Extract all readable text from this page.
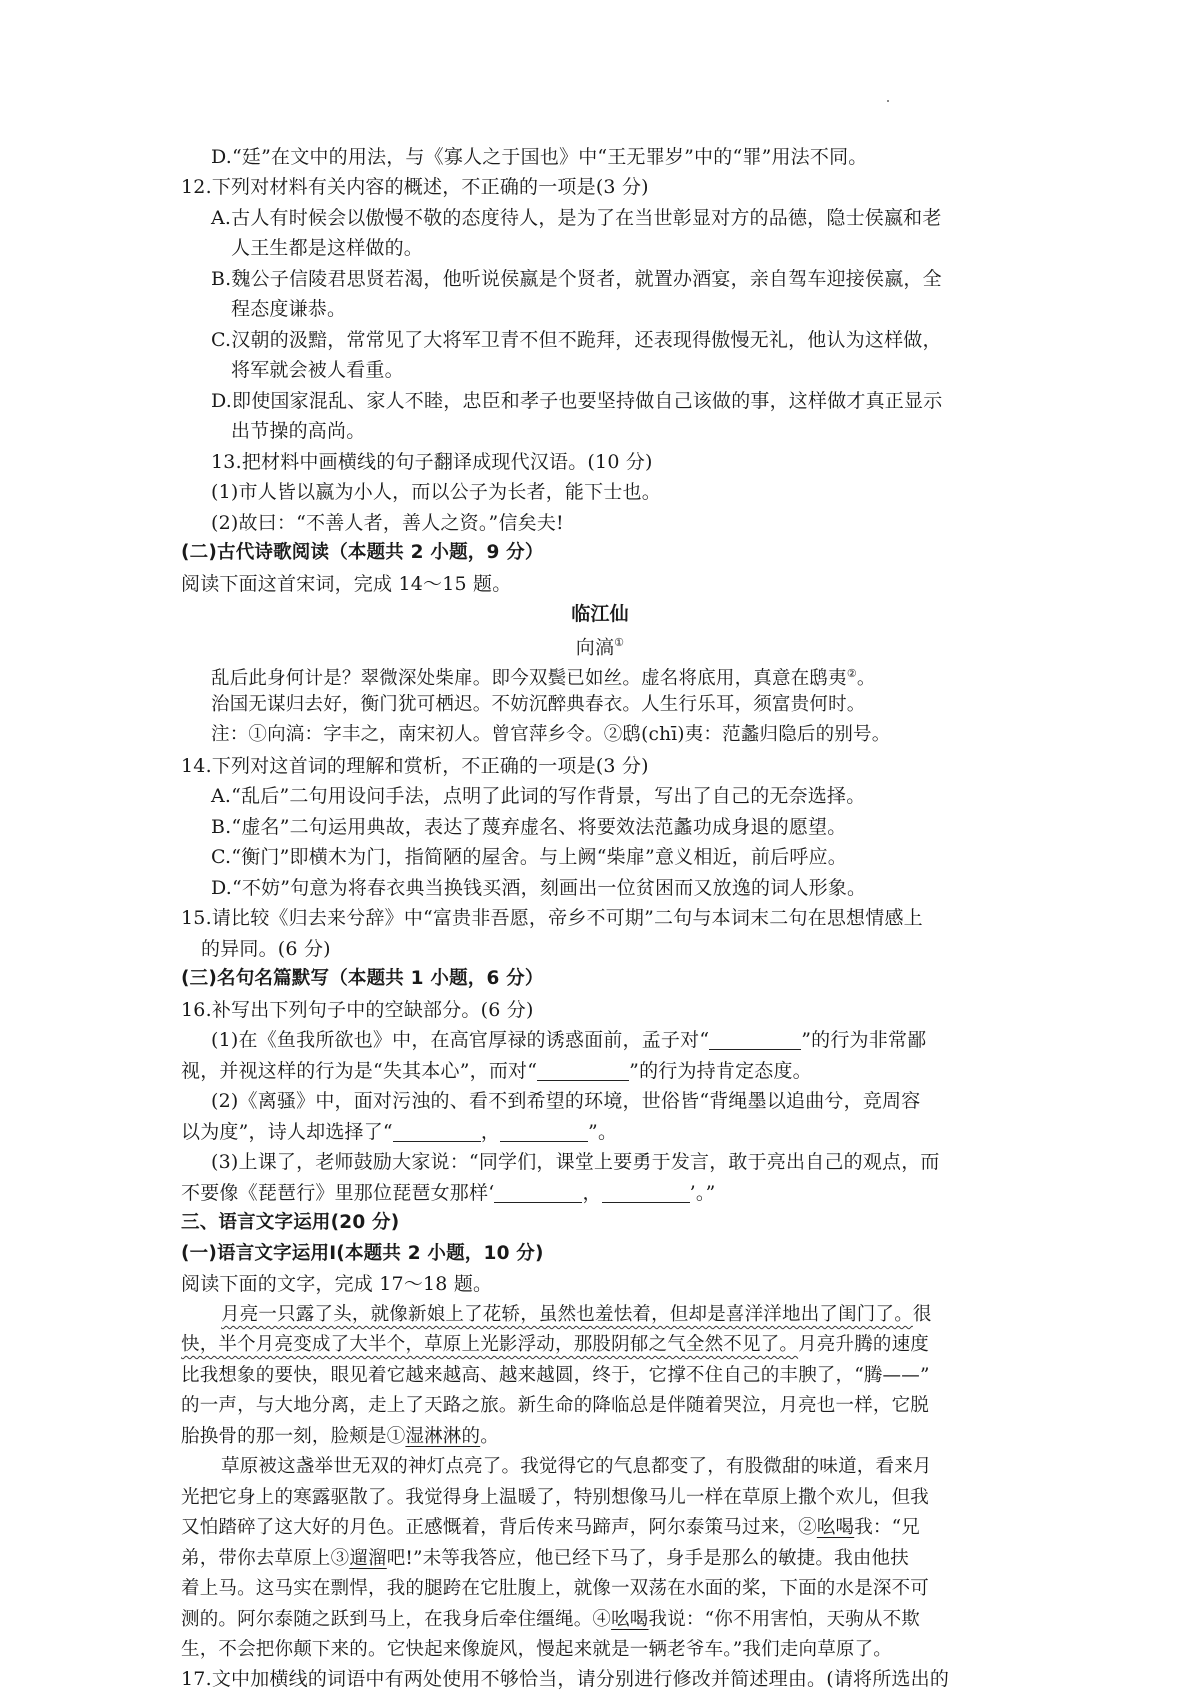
D.“廷”在文中的用法，与《寡人之于国也》中“王无罪岁”中的“罪”用法不同。
12.下列对材料有关内容的概述，不正确的一项是(3 分)
A.古人有时候会以傲慢不敬的态度待人，是为了在当世彰显对方的品德，隐士侯嬴和老
人王生都是这样做的。
B.魏公子信陵君思贤若渴，他听说侯嬴是个贤者，就置办酒宴，亲自驾车迎接侯嬴，全
程态度谦恭。
C.汉朝的汲黯，常常见了大将军卫青不但不跪拜，还表现得傲慢无礼，他认为这样做，
将军就会被人看重。
D.即使国家混乱、家人不睦，忠臣和孝子也要坚持做自己该做的事，这样做才真正显示
出节操的高尚。
13.把材料中画横线的句子翻译成现代汉语。(10 分)
(1)市人皆以嬴为小人，而以公子为长者，能下士也。
(2)故曰：“不善人者，善人之资。”信矣夫!
(二)古代诗歌阅读（本题共 2 小题，9 分）
阅读下面这首宋词，完成 14～15 题。
临江仙
向滈①
乱后此身何计是？翠微深处柴扉。即今双鬓已如丝。虚名将底用，真意在鸱夷②。
治国无谋归去好，衡门犹可栖迟。不妨沉醉典春衣。人生行乐耳，须富贵何时。
注：①向滈：字丰之，南宋初人。曾官萍乡令。②鸱(chī)夷：范蠡归隐后的别号。
14.下列对这首词的理解和赏析，不正确的一项是(3 分)
A.“乱后”二句用设问手法，点明了此词的写作背景，写出了自己的无奈选择。
B.“虚名”二句运用典故，表达了蔑弃虚名、将要效法范蠡功成身退的愿望。
C.“衡门”即横木为门，指简陋的屋舍。与上阙“柴扉”意义相近，前后呼应。
D.“不妨”句意为将春衣典当换钱买酒，刻画出一位贫困而又放逸的词人形象。
15.请比较《归去来兮辞》中“富贵非吾愿，帝乡不可期”二句与本词末二句在思想情感上
的异同。(6 分)
(三)名句名篇默写（本题共 1 小题，6 分）
16.补写出下列句子中的空缺部分。(6 分)
(1)在《鱼我所欲也》中，在高官厚禄的诱惑面前，孟子对“	”的行为非常鄙
视，并视这样的行为是“失其本心”，而对“	”的行为持肯定态度。
(2)《离骚》中，面对污浊的、看不到希望的环境，世俗皆“背绳墨以追曲兮，竞周容
以为度”，诗人却选择了“	，	”。
(3)上课了，老师鼓励大家说：“同学们，课堂上要勇于发言，敢于亮出自己的观点，而
不要像《琵琶行》里那位琵琶女那样‘	，	’。”
三、语言文字运用(20 分)
(一)语言文字运用Ⅰ(本题共 2 小题，10 分)
阅读下面的文字，完成 17～18 题。
月亮一只露了头，就像新娘上了花轿，虽然也羞怯着，但却是喜洋洋地出了闺门了。很
快，半个月亮变成了大半个，草原上光影浮动，那股阴郁之气全然不见了。月亮升腾的速度
比我想象的要快，眼见着它越来越高、越来越圆，终于，它撑不住自己的丰腴了，“腾——”
的一声，与大地分离，走上了天路之旅。新生命的降临总是伴随着哭泣，月亮也一样，它脱
胎换骨的那一刻，脸颊是①湿淋淋的。
草原被这盏举世无双的神灯点亮了。我觉得它的气息都变了，有股微甜的味道，看来月
光把它身上的寒露驱散了。我觉得身上温暖了，特别想像马儿一样在草原上撒个欢儿，但我
又怕踏碎了这大好的月色。正感慨着，背后传来马蹄声，阿尔泰策马过来，②吆喝我：“兄
弟，带你去草原上③遛溜吧!”未等我答应，他已经下马了，身手是那么的敏捷。我由他扶
着上马。这马实在剽悍，我的腿跨在它肚腹上，就像一双荡在水面的桨，下面的水是深不可
测的。阿尔泰随之跃到马上，在我身后牵住缰绳。④吆喝我说：“你不用害怕，天驹从不欺
生，不会把你颠下来的。它快起来像旋风，慢起来就是一辆老爷车。”我们走向草原了。
17.文中加横线的词语中有两处使用不够恰当，请分别进行修改并简述理由。(请将所选出的
